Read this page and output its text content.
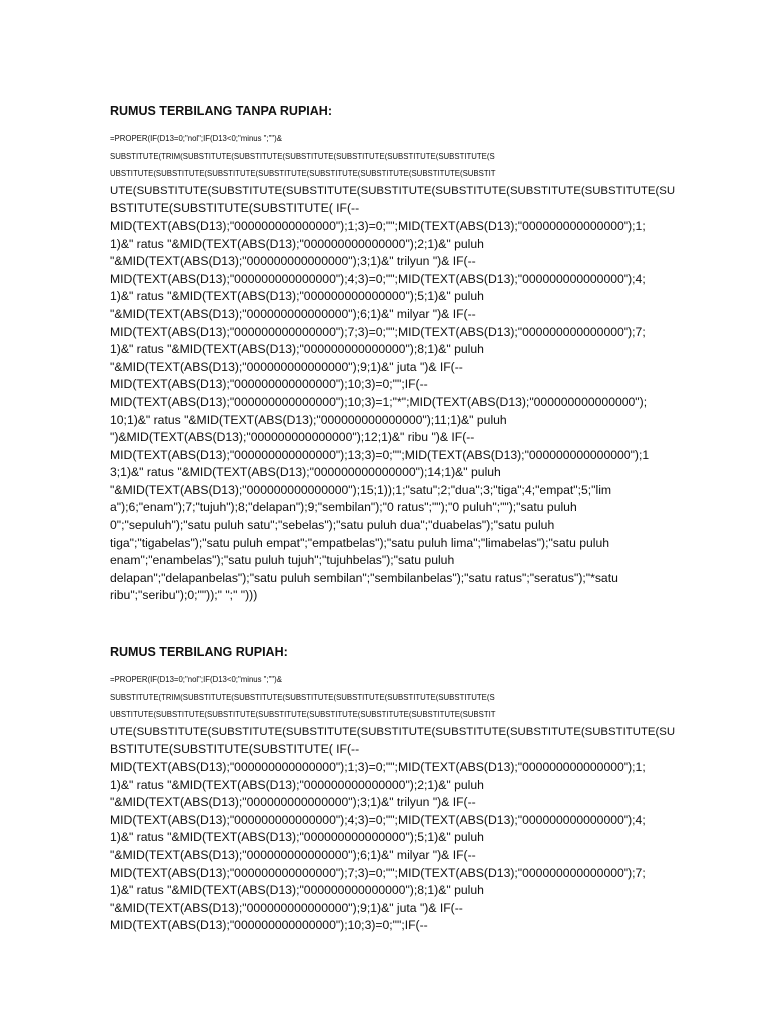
RUMUS TERBILANG TANPA RUPIAH:

=PROPER(IF(D13=0;"nol";IF(D13<0;"minus ";"")&
SUBSTITUTE(TRIM(SUBSTITUTE(SUBSTITUTE(SUBSTITUTE(SUBSTITUTE(SUBSTITUTE(SUBSTITUTE(S
UBSTITUTE(SUBSTITUTE(SUBSTITUTE(SUBSTITUTE(SUBSTITUTE(SUBSTITUTE(SUBSTITUTE(SUBSTIT
UTE(SUBSTITUTE(SUBSTITUTE(SUBSTITUTE(SUBSTITUTE(SUBSTITUTE(SUBSTITUTE(SUBSTITUTE(SU
BSTITUTE(SUBSTITUTE(SUBSTITUTE( IF(--
MID(TEXT(ABS(D13);"000000000000000");1;3)=0;"";MID(TEXT(ABS(D13);"000000000000000");1;
1)&" ratus "&MID(TEXT(ABS(D13);"000000000000000");2;1)&" puluh
"&MID(TEXT(ABS(D13);"000000000000000");3;1)&" trilyun ")& IF(--
MID(TEXT(ABS(D13);"000000000000000");4;3)=0;"";MID(TEXT(ABS(D13);"000000000000000");4;
1)&" ratus "&MID(TEXT(ABS(D13);"000000000000000");5;1)&" puluh
"&MID(TEXT(ABS(D13);"000000000000000");6;1)&" milyar ")& IF(--
MID(TEXT(ABS(D13);"000000000000000");7;3)=0;"";MID(TEXT(ABS(D13);"000000000000000");7;
1)&" ratus "&MID(TEXT(ABS(D13);"000000000000000");8;1)&" puluh
"&MID(TEXT(ABS(D13);"000000000000000");9;1)&" juta ")& IF(--
MID(TEXT(ABS(D13);"000000000000000");10;3)=0;"";IF(--
MID(TEXT(ABS(D13);"000000000000000");10;3)=1;"*";MID(TEXT(ABS(D13);"000000000000000");
10;1)&" ratus "&MID(TEXT(ABS(D13);"000000000000000");11;1)&" puluh
")&MID(TEXT(ABS(D13);"000000000000000");12;1)&" ribu ")& IF(--
MID(TEXT(ABS(D13);"000000000000000");13;3)=0;"";MID(TEXT(ABS(D13);"000000000000000");1
3;1)&" ratus "&MID(TEXT(ABS(D13);"000000000000000");14;1)&" puluh
"&MID(TEXT(ABS(D13);"000000000000000");15;1));1;"satu";2;"dua";3;"tiga";4;"empat";5;"lim
a");6;"enam");7;"tujuh");8;"delapan");9;"sembilan");"0 ratus";"");"0 puluh";"");"satu puluh
0";"sepuluh");"satu puluh satu";"sebelas");"satu puluh dua";"duabelas");"satu puluh
tiga";"tigabelas");"satu puluh empat";"empatbelas");"satu puluh lima";"limabelas");"satu puluh
enam";"enambelas");"satu puluh tujuh";"tujuhbelas");"satu puluh
delapan";"delapanbelas");"satu puluh sembilan";"sembilanbelas");"satu ratus";"seratus");"*satu
ribu";"seribu");0;""));" ";" ")))

RUMUS TERBILANG RUPIAH:

=PROPER(IF(D13=0;"nol";IF(D13<0;"minus ";"")&
SUBSTITUTE(TRIM(SUBSTITUTE(SUBSTITUTE(SUBSTITUTE(SUBSTITUTE(SUBSTITUTE(SUBSTITUTE(S
UBSTITUTE(SUBSTITUTE(SUBSTITUTE(SUBSTITUTE(SUBSTITUTE(SUBSTITUTE(SUBSTITUTE(SUBSTIT
UTE(SUBSTITUTE(SUBSTITUTE(SUBSTITUTE(SUBSTITUTE(SUBSTITUTE(SUBSTITUTE(SUBSTITUTE(SU
BSTITUTE(SUBSTITUTE(SUBSTITUTE( IF(--
MID(TEXT(ABS(D13);"000000000000000");1;3)=0;"";MID(TEXT(ABS(D13);"000000000000000");1;
1)&" ratus "&MID(TEXT(ABS(D13);"000000000000000");2;1)&" puluh
"&MID(TEXT(ABS(D13);"000000000000000");3;1)&" trilyun ")& IF(--
MID(TEXT(ABS(D13);"000000000000000");4;3)=0;"";MID(TEXT(ABS(D13);"000000000000000");4;
1)&" ratus "&MID(TEXT(ABS(D13);"000000000000000");5;1)&" puluh
"&MID(TEXT(ABS(D13);"000000000000000");6;1)&" milyar ")& IF(--
MID(TEXT(ABS(D13);"000000000000000");7;3)=0;"";MID(TEXT(ABS(D13);"000000000000000");7;
1)&" ratus "&MID(TEXT(ABS(D13);"000000000000000");8;1)&" puluh
"&MID(TEXT(ABS(D13);"000000000000000");9;1)&" juta ")& IF(--
MID(TEXT(ABS(D13);"000000000000000");10;3)=0;"";IF(--
